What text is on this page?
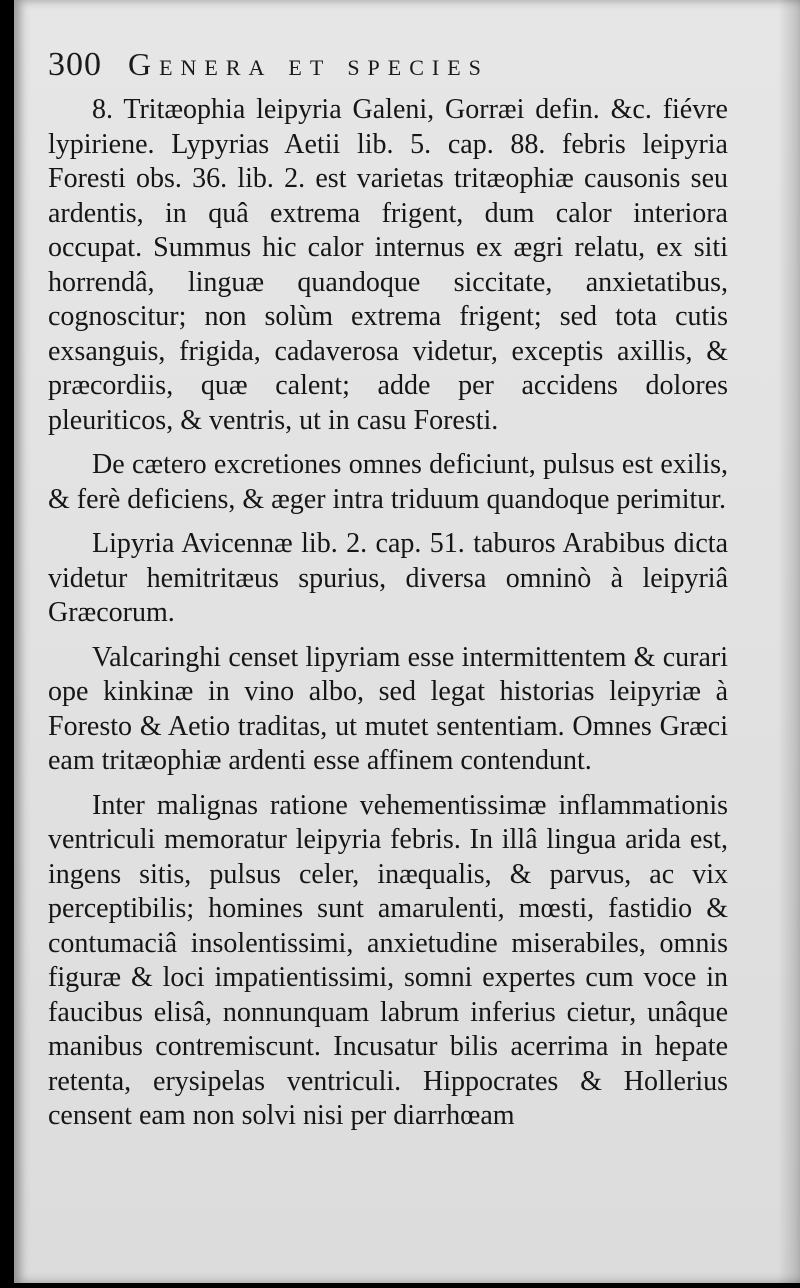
300 Genera et species

8. Tritæophia leipyria Galeni, Gorræi defin. &c. fiévre lypiriene. Lypyrias Aetii lib. 5. cap. 88. febris leipyria Foresti obs. 36. lib. 2. est varietas tritæophiæ causonis seu ardentis, in quâ extrema frigent, dum calor interiora occupat. Summus hic calor internus ex ægri relatu, ex siti horrendâ, linguæ quandoque siccitate, anxietatibus, cognoscitur; non solùm extrema frigent; sed tota cutis exsanguis, frigida, cadaverosa videtur, exceptis axillis, & præcordiis, quæ calent; adde per accidens dolores pleuriticos, & ventris, ut in casu Foresti.

De cætero excretiones omnes deficiunt, pulsus est exilis, & ferè deficiens, & æger intra triduum quandoque perimitur.

Lipyria Avicennæ lib. 2. cap. 51. taburos Arabibus dicta videtur hemitritæus spurius, diversa omninò à leipyriâ Græcorum.

Valcaringhi censet lipyriam esse intermittentem & curari ope kinkinæ in vino albo, sed legat historias leipyriæ à Foresto & Aetio traditas, ut mutet sententiam. Omnes Græci eam tritæophiæ ardenti esse affinem contendunt.

Inter malignas ratione vehementissimæ inflammationis ventriculi memoratur leipyria febris. In illâ lingua arida est, ingens sitis, pulsus celer, inæqualis, & parvus, ac vix perceptibilis; homines sunt amarulenti, mœsti, fastidio & contumaciâ insolentissimi, anxietudine miserabiles, omnis figuræ & loci impatientissimi, somni expertes cum voce in faucibus elisâ, nonnunquam labrum inferius cietur, unâque manibus contremiscunt. Incusatur bilis acerrima in hepate retenta, erysipelas ventriculi. Hippocrates & Hollerius censent eam non solvi nisi per diarrhœam
